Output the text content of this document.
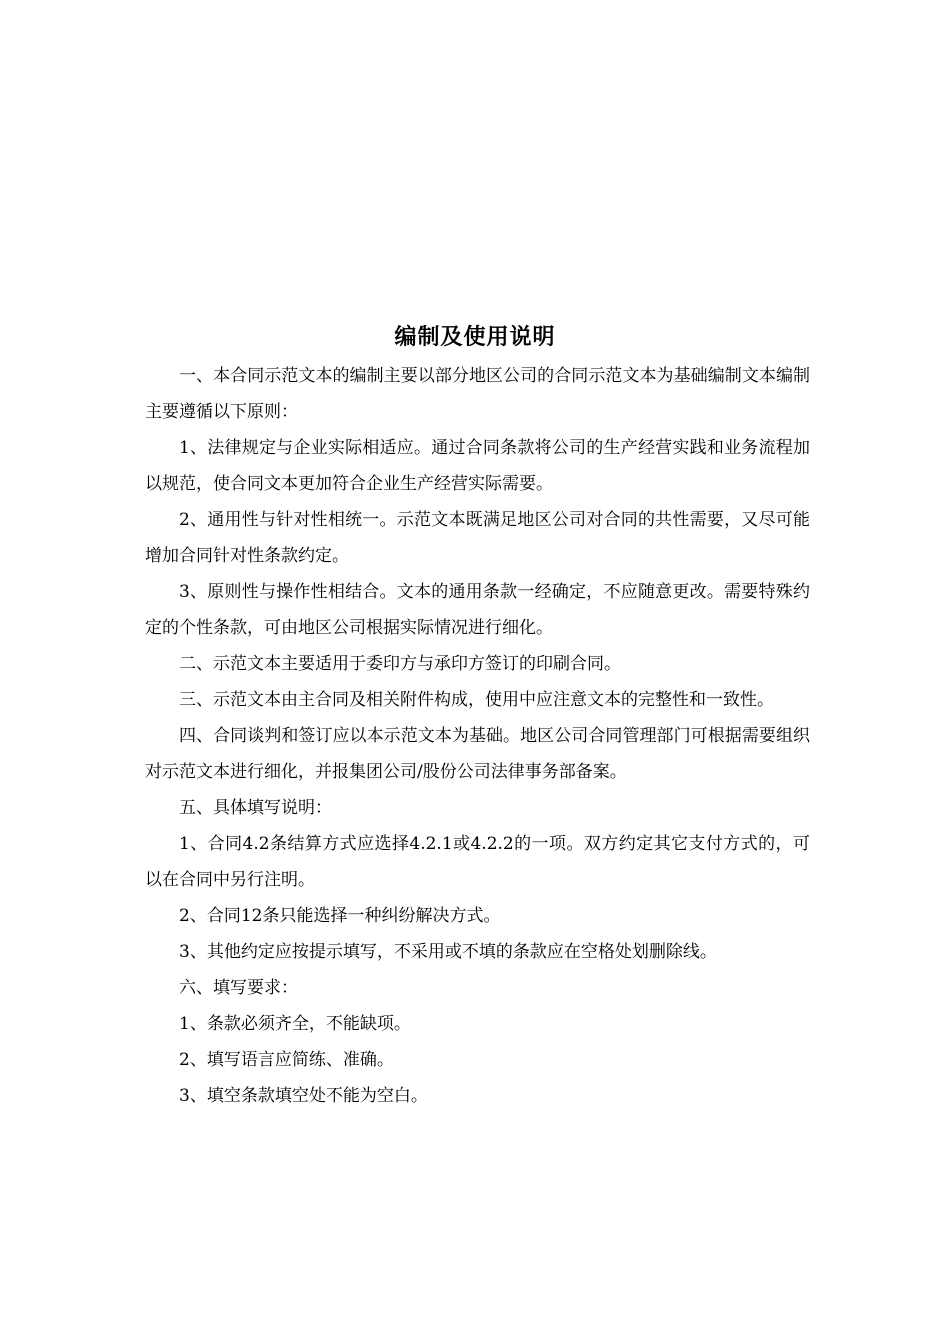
编制及使用说明

一、本合同示范文本的编制主要以部分地区公司的合同示范文本为基础编制文本编制主要遵循以下原则：

1、法律规定与企业实际相适应。通过合同条款将公司的生产经营实践和业务流程加以规范，使合同文本更加符合企业生产经营实际需要。

2、通用性与针对性相统一。示范文本既满足地区公司对合同的共性需要，又尽可能增加合同针对性条款约定。

3、原则性与操作性相结合。文本的通用条款一经确定，不应随意更改。需要特殊约定的个性条款，可由地区公司根据实际情况进行细化。

二、示范文本主要适用于委印方与承印方签订的印刷合同。

三、示范文本由主合同及相关附件构成，使用中应注意文本的完整性和一致性。

四、合同谈判和签订应以本示范文本为基础。地区公司合同管理部门可根据需要组织对示范文本进行细化，并报集团公司/股份公司法律事务部备案。

五、具体填写说明：

1、合同4.2条结算方式应选择4.2.1或4.2.2的一项。双方约定其它支付方式的，可以在合同中另行注明。

2、合同12条只能选择一种纠纷解决方式。

3、其他约定应按提示填写，不采用或不填的条款应在空格处划删除线。

六、填写要求：

1、条款必须齐全，不能缺项。

2、填写语言应简练、准确。

3、填空条款填空处不能为空白。
